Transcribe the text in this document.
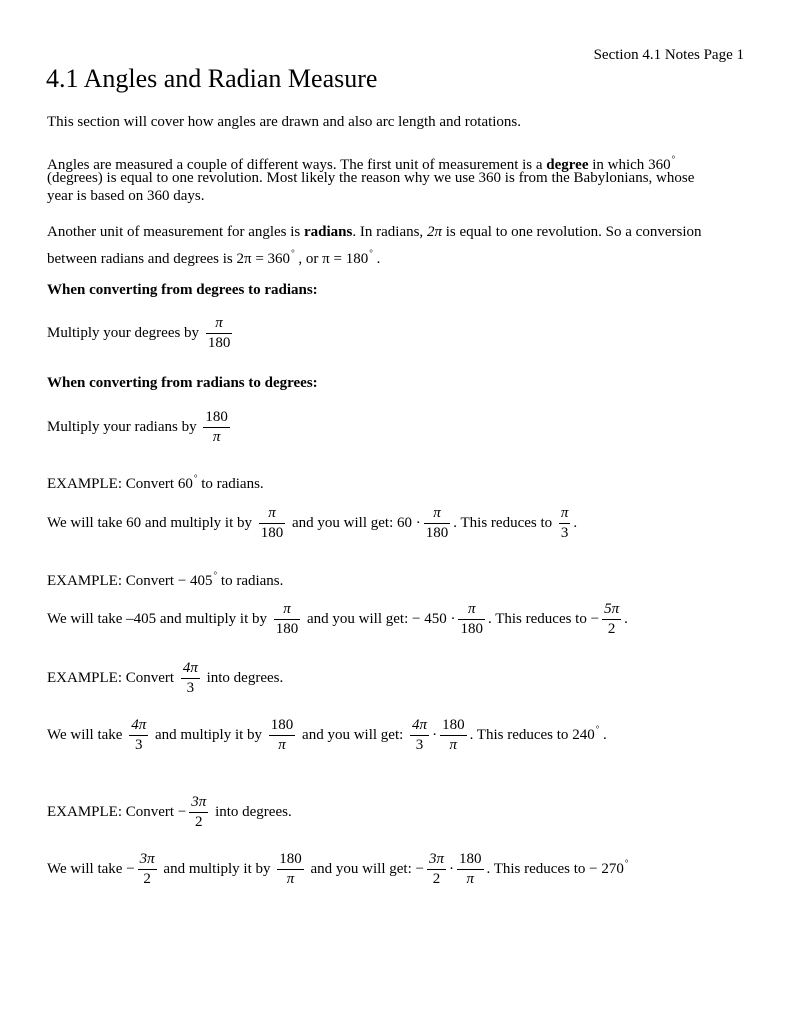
Section 4.1 Notes Page 1
4.1 Angles and Radian Measure
This section will cover how angles are drawn and also arc length and rotations.
Angles are measured a couple of different ways. The first unit of measurement is a degree in which 360°
(degrees) is equal to one revolution. Most likely the reason why we use 360 is from the Babylonians, whose
year is based on 360 days.
Another unit of measurement for angles is radians. In radians, 2π is equal to one revolution. So a conversion
between radians and degrees is 2π = 360° , or π = 180° .
When converting from degrees to radians:
Multiply your degrees by $\frac{\pi}{180}$
When converting from radians to degrees:
Multiply your radians by $\frac{180}{\pi}$
EXAMPLE: Convert 60° to radians.
We will take 60 and multiply it by $\frac{\pi}{180}$ and you will get: $60 \cdot \frac{\pi}{180}$ . This reduces to $\frac{\pi}{3}$ .
EXAMPLE: Convert − 405° to radians.
We will take –405 and multiply it by $\frac{\pi}{180}$ and you will get: − $450 \cdot \frac{\pi}{180}$ . This reduces to − $\frac{5\pi}{2}$ .
EXAMPLE: Convert $\frac{4\pi}{3}$ into degrees.
We will take $\frac{4\pi}{3}$ and multiply it by $\frac{180}{\pi}$ and you will get: $\frac{4\pi}{3} \cdot \frac{180}{\pi}$ . This reduces to 240° .
EXAMPLE: Convert − $\frac{3\pi}{2}$ into degrees.
We will take − $\frac{3\pi}{2}$ and multiply it by $\frac{180}{\pi}$ and you will get: − $\frac{3\pi}{2} \cdot \frac{180}{\pi}$ . This reduces to − 270°
